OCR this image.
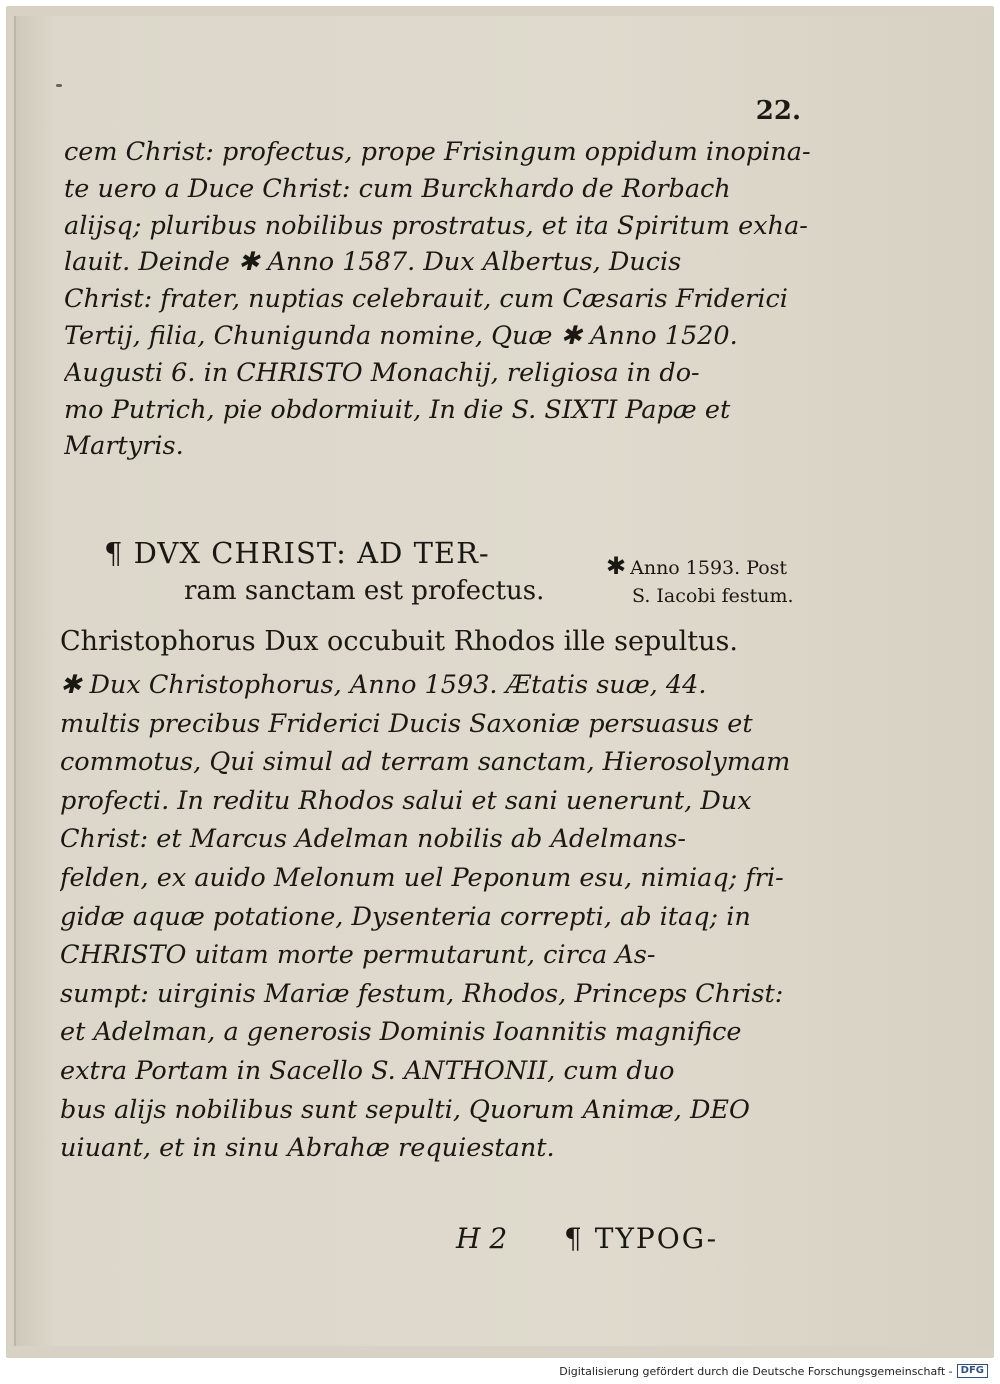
22.
cem Christ: profectus, prope Frisingum oppidum inopina-
te uero a Duce Christ: cum Burckhardo de Rorbach
alijsq; pluribus nobilibus prostratus, et ita Spiritum exha-
lauit. Deinde ✱ Anno 1587. Dux Albertus, Ducis
Christ: frater, nuptias celebrauit, cum Cæsaris Friderici
Tertij, filia, Chunigunda nomine, Quæ ✱ Anno 1520.
Augusti 6. in CHRISTO Monachij, religiosa in do-
mo Putrich, pie obdormiuit, In die S. SIXTI Papæ et
Martyris.
¶ DVX CHRIST: AD TER-
ram sanctam est profectus.
✱ Anno 1593. Post
S. Iacobi festum.
Christophorus Dux occubuit Rhodos ille sepultus.
✱ Dux Christophorus, Anno 1593. Ætatis suæ, 44.
multis precibus Friderici Ducis Saxoniæ persuasus et
commotus, Qui simul ad terram sanctam, Hierosolymam
profecti. In reditu Rhodos salui et sani uenerunt, Dux
Christ: et Marcus Adelman nobilis ab Adelmans-
felden, ex auido Melonum uel Peponum esu, nimiaq; fri-
gidæ aquæ potatione, Dysenteria correpti, ab itaq; in
CHRISTO uitam morte permutarunt, circa As-
sumpt: uirginis Mariæ festum, Rhodos, Princeps Christ:
et Adelman, a generosis Dominis Ioannitis magnifice
extra Portam in Sacello S. ANTHONII, cum duo
bus alijs nobilibus sunt sepulti, Quorum Animæ, DEO
uiuant, et in sinu Abrahæ requiestant.
H 2 ¶ TYPOG-
Digitalisierung gefördert durch die Deutsche Forschungsgemeinschaft - DFG
